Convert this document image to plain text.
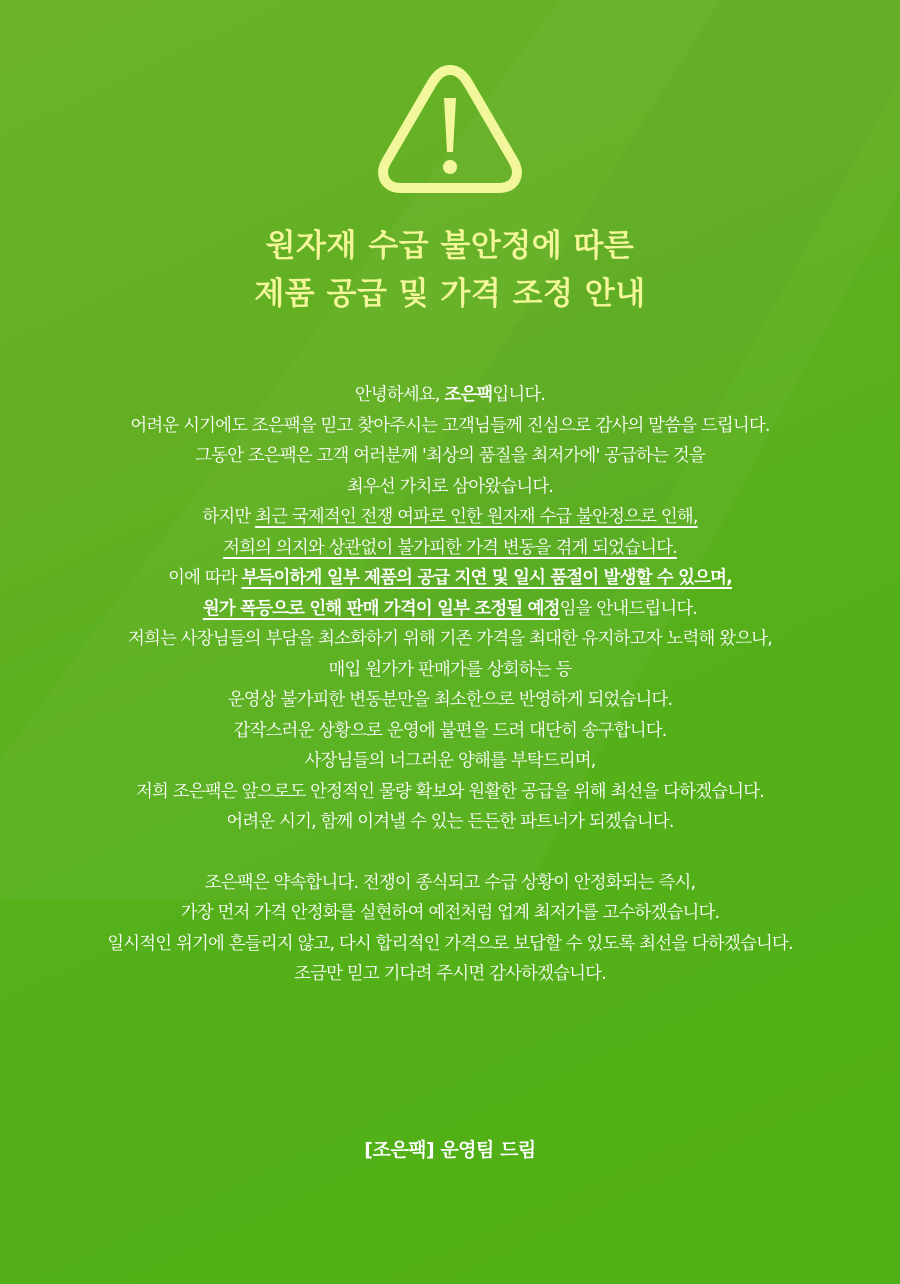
원자재 수급 불안정에 따른
제품 공급 및 가격 조정 안내
안녕하세요, 조은팩입니다.
어려운 시기에도 조은팩을 믿고 찾아주시는 고객님들께 진심으로 감사의 말씀을 드립니다.
그동안 조은팩은 고객 여러분께 '최상의 품질을 최저가에' 공급하는 것을
최우선 가치로 삼아왔습니다.
하지만 최근 국제적인 전쟁 여파로 인한 원자재 수급 불안정으로 인해,
저희의 의지와 상관없이 불가피한 가격 변동을 겪게 되었습니다.
이에 따라 부득이하게 일부 제품의 공급 지연 및 일시 품절이 발생할 수 있으며,
원가 폭등으로 인해 판매 가격이 일부 조정될 예정임을 안내드립니다.
저희는 사장님들의 부담을 최소화하기 위해 기존 가격을 최대한 유지하고자 노력해 왔으나,
매입 원가가 판매가를 상회하는 등
운영상 불가피한 변동분만을 최소한으로 반영하게 되었습니다.
갑작스러운 상황으로 운영에 불편을 드려 대단히 송구합니다.
사장님들의 너그러운 양해를 부탁드리며,
저희 조은팩은 앞으로도 안정적인 물량 확보와 원활한 공급을 위해 최선을 다하겠습니다.
어려운 시기, 함께 이겨낼 수 있는 든든한 파트너가 되겠습니다.
조은팩은 약속합니다. 전쟁이 종식되고 수급 상황이 안정화되는 즉시,
가장 먼저 가격 안정화를 실현하여 예전처럼 업계 최저가를 고수하겠습니다.
일시적인 위기에 흔들리지 않고, 다시 합리적인 가격으로 보답할 수 있도록 최선을 다하겠습니다.
조금만 믿고 기다려 주시면 감사하겠습니다.
[조은팩] 운영팀 드림
